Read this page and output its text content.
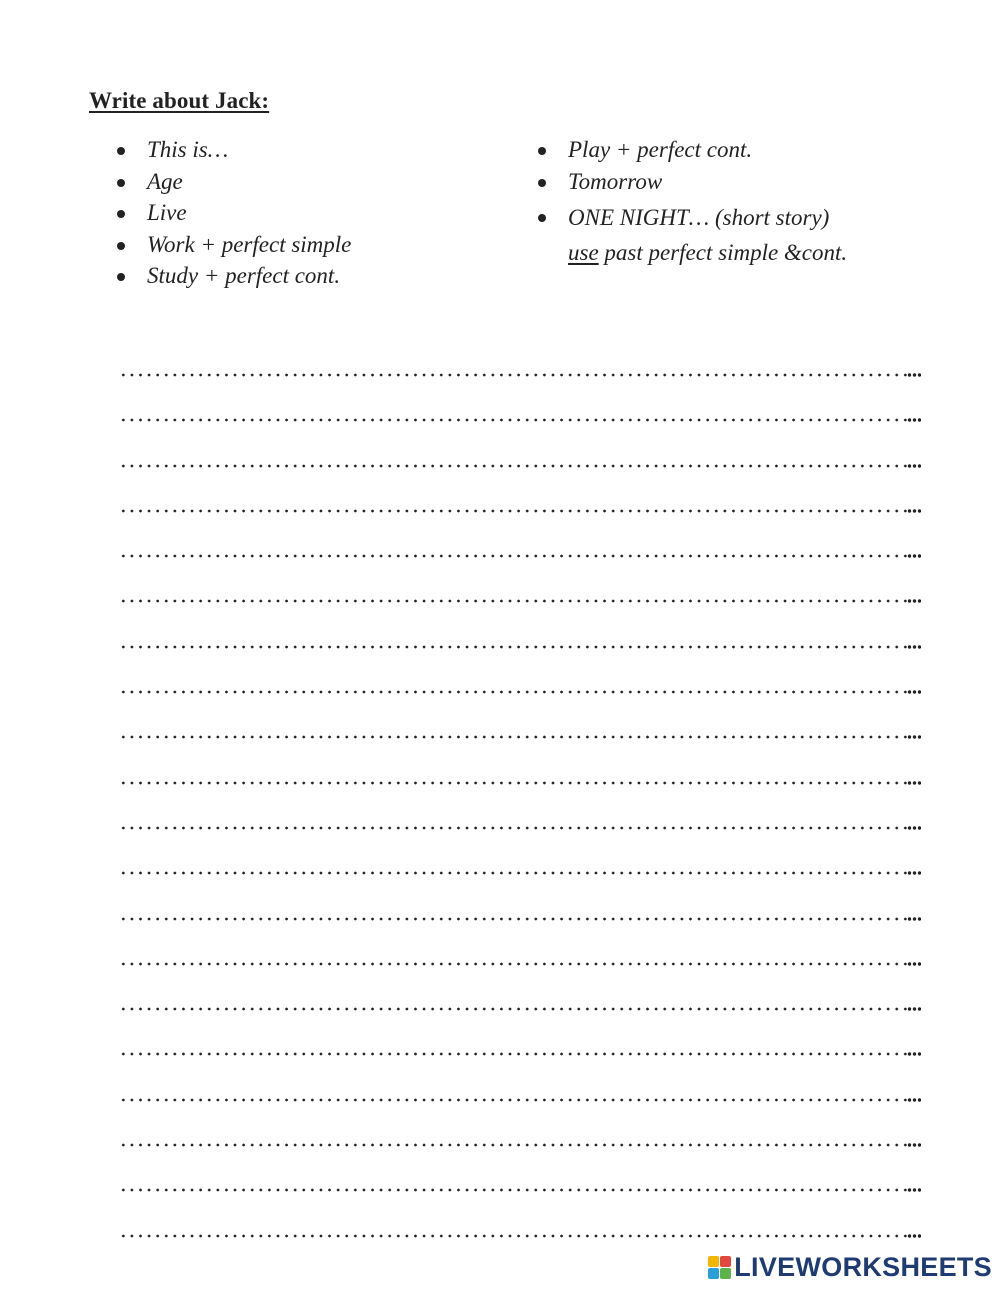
Write about Jack:
This is…
Age
Live
Work + perfect simple
Study + perfect cont.
Play + perfect cont.
Tomorrow
ONE NIGHT… (short story)
use past perfect simple &cont.
LIVEWORKSHEETS
